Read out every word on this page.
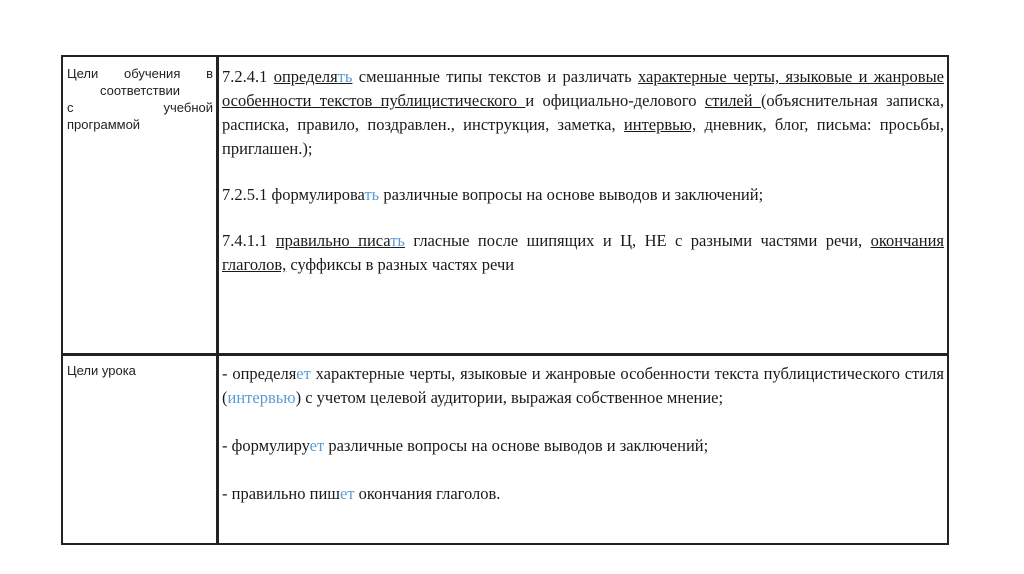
Цели обучения в
соответствии
с	учебной
программой

7.2.4.1 определять смешанные типы текстов и различать характерные черты, языковые и жанровые особенности текстов публицистического и официально-делового стилей (объяснительная записка, расписка, правило, поздравлен., инструкция, заметка, интервью, дневник, блог, письма: просьбы, приглашен.);

7.2.5.1 формулировать различные вопросы на основе выводов и заключений;

7.4.1.1 правильно писать гласные после шипящих и Ц, НЕ с разными частями речи, окончания глаголов, суффиксы в разных частях речи

Цели урока	- определяет характерные черты, языковые и жанровые особенности текста публицистического стиля (интервью) с учетом целевой аудитории, выражая собственное мнение;

- формулирует различные вопросы на основе выводов и заключений;

- правильно пишет окончания глаголов.
